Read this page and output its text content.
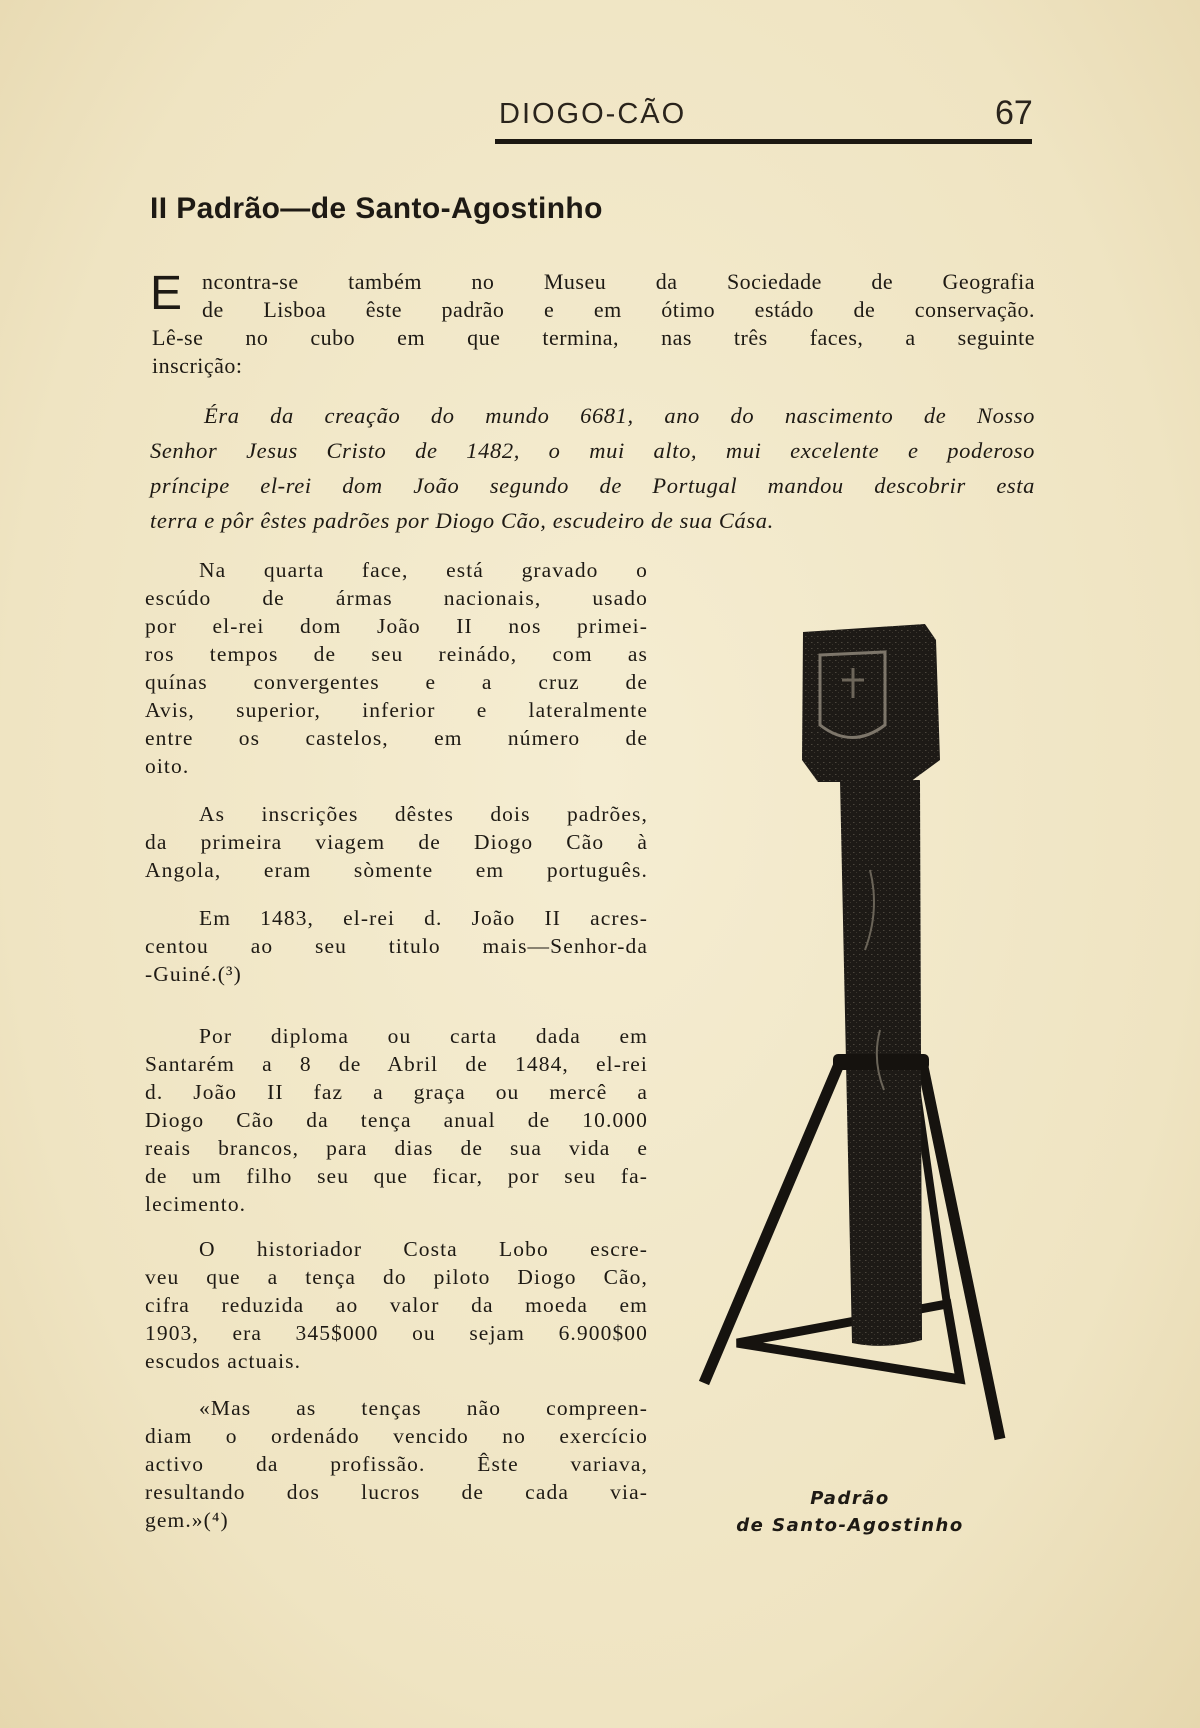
DIOGO-CÃO	67
II Padrão—de Santo-Agostinho
E ncontra-se também no Museu da Sociedade de Geografia
de Lisboa êste padrão e em ótimo estádo de conservação.
Lê-se no cubo em que termina, nas três faces, a seguinte
inscrição:
Éra da creação do mundo 6681, ano do nascimento de Nosso
Senhor Jesus Cristo de 1482, o mui alto, mui excelente e poderoso
príncipe el-rei dom João segundo de Portugal mandou descobrir esta
terra e pôr êstes padrões por Diogo Cão, escudeiro de sua Cása.
Na quarta face, está gravado o
escúdo de ármas nacionais, usado
por el-rei dom João II nos primei-
ros tempos de seu reinádo, com as
quínas convergentes e a cruz de
Avis, superior, inferior e lateralmente
entre os castelos, em número de
oito.
As inscrições dêstes dois padrões,
da primeira viagem de Diogo Cão à
Angola, eram sòmente em português.
Em 1483, el-rei d. João II acres-
centou ao seu titulo mais—Senhor-da
-Guiné.(³)
Por diploma ou carta dada em
Santarém a 8 de Abril de 1484, el-rei
d. João II faz a graça ou mercê a
Diogo Cão da tença anual de 10.000
reais brancos, para dias de sua vida e
de um filho seu que ficar, por seu fa-
lecimento.
O historiador Costa Lobo escre-
veu que a tença do piloto Diogo Cão,
cifra reduzida ao valor da moeda em
1903, era 345$000 ou sejam 6.900$00
escudos actuais.
«Mas as tenças não compreen-
diam o ordenádo vencido no exercício
activo da profissão. Êste variava,
resultando dos lucros de cada via-
gem.»(⁴)
Padrão
de Santo-Agostinho
